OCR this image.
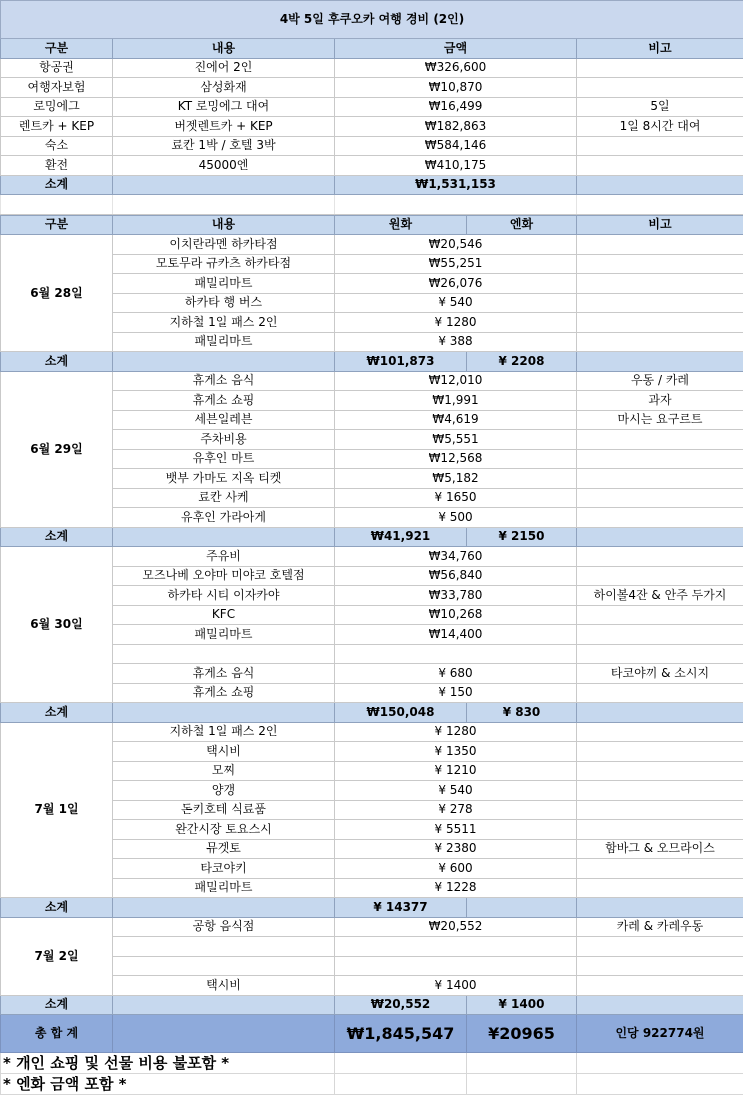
4박 5일 후쿠오카 여행 경비 (2인)			
구분	내용	금액	비고
항공권	진에어 2인	₩326,600	
여행자보험	삼성화재	₩10,870	
로밍에그	KT 로밍에그 대여	₩16,499	5일
렌트카 + KEP	버젯렌트카 + KEP	₩182,863	1일 8시간 대여
숙소	료칸 1박 / 호텔 3박	₩584,146	
환전	45000엔	₩410,175	
소계		₩1,531,153	

구분	내용	원화	엔화	비고
6월 28일	이치란라멘 하카타점	₩20,546		
	모토무라 규카츠 하카타점	₩55,251		
	패밀리마트	₩26,076		
	하카타 행 버스	¥ 540		
	지하철 1일 패스 2인	¥ 1280		
	패밀리마트	¥ 388		
소계		₩101,873	¥ 2208	
6월 29일	휴게소 음식	₩12,010		우동 / 카레
	휴게소 쇼핑	₩1,991		과자
	세븐일레븐	₩4,619		마시는 요구르트
	주차비용	₩5,551		
	유후인 마트	₩12,568		
	뱃부 가마도 지옥 티켓	₩5,182		
	료칸 사케	¥ 1650		
	유후인 가라아게	¥ 500		
소계		₩41,921	¥ 2150	
6월 30일	주유비	₩34,760		
	모즈나베 오야마 미야코 호텔점	₩56,840		
	하카타 시티 이자카야	₩33,780		하이볼4잔 & 안주 두가지
	KFC	₩10,268		
	패밀리마트	₩14,400		

	휴게소 음식	¥ 680		타코야끼 & 소시지
	휴게소 쇼핑	¥ 150		
소계		₩150,048	¥ 830	
7월 1일	지하철 1일 패스 2인	¥ 1280		
	택시비	¥ 1350		
	모찌	¥ 1210		
	양갱	¥ 540		
	돈키호테 식료품	¥ 278		
	완간시장 토요스시	¥ 5511		
	뮤겟토	¥ 2380		함바그 & 오므라이스
	타코야키	¥ 600		
	패밀리마트	¥ 1228		
소계		¥ 14377		
7월 2일	공항 음식점	₩20,552		카레 & 카레우동

	택시비	¥ 1400		
소계		₩20,552	¥ 1400	
총 합 계		₩1,845,547	¥20965	인당 922774원
* 개인 쇼핑 및 선물 비용 불포함 *				
* 엔화 금액 포함 *				
